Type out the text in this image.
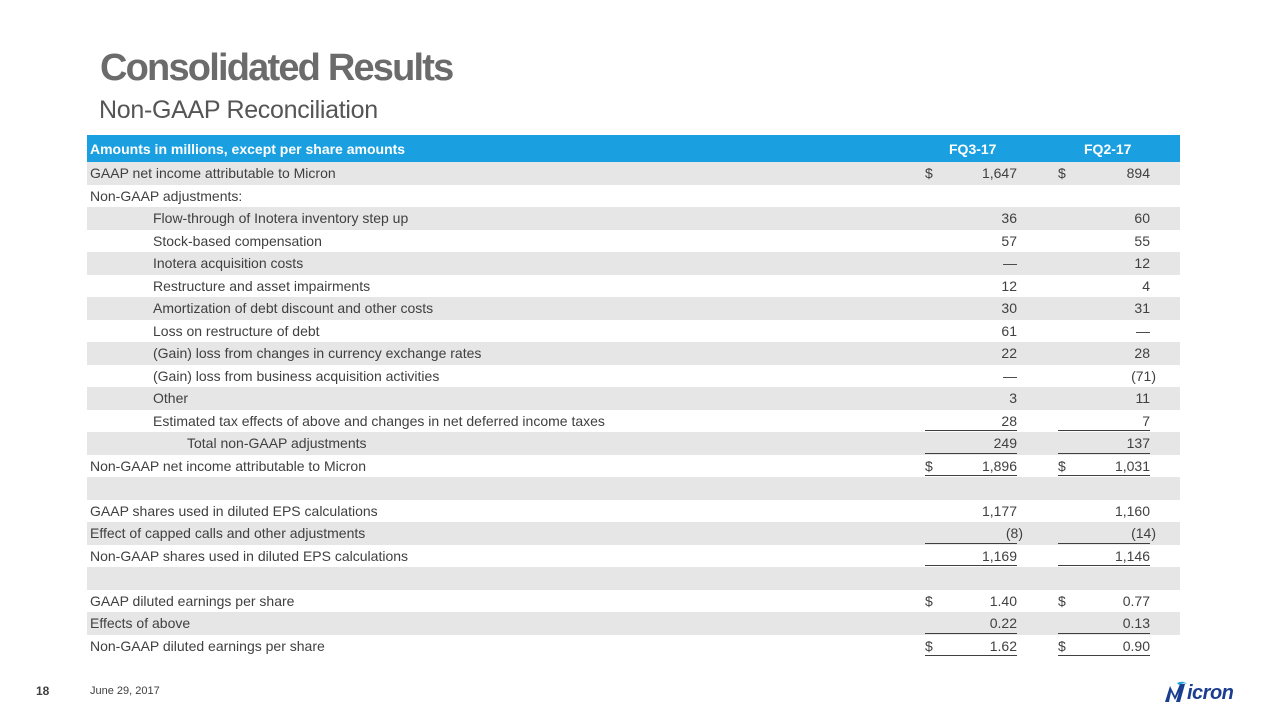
Consolidated Results
Non-GAAP Reconciliation
Amounts in millions, except per share amounts	FQ3-17	FQ2-17
GAAP net income attributable to Micron	$	1,647	$	894
Non-GAAP adjustments:
Flow-through of Inotera inventory step up	36	60
Stock-based compensation	57	55
Inotera acquisition costs	—	12
Restructure and asset impairments	12	4
Amortization of debt discount and other costs	30	31
Loss on restructure of debt	61	—
(Gain) loss from changes in currency exchange rates	22	28
(Gain) loss from business acquisition activities	—	(71)
Other	3	11
Estimated tax effects of above and changes in net deferred income taxes	28	7
Total non-GAAP adjustments	249	137
Non-GAAP net income attributable to Micron	$	1,896	$	1,031
GAAP shares used in diluted EPS calculations	1,177	1,160
Effect of capped calls and other adjustments	(8)	(14)
Non-GAAP shares used in diluted EPS calculations	1,169	1,146
GAAP diluted earnings per share	$	1.40	$	0.77
Effects of above	0.22	0.13
Non-GAAP diluted earnings per share	$	1.62	$	0.90
18	June 29, 2017	icron
